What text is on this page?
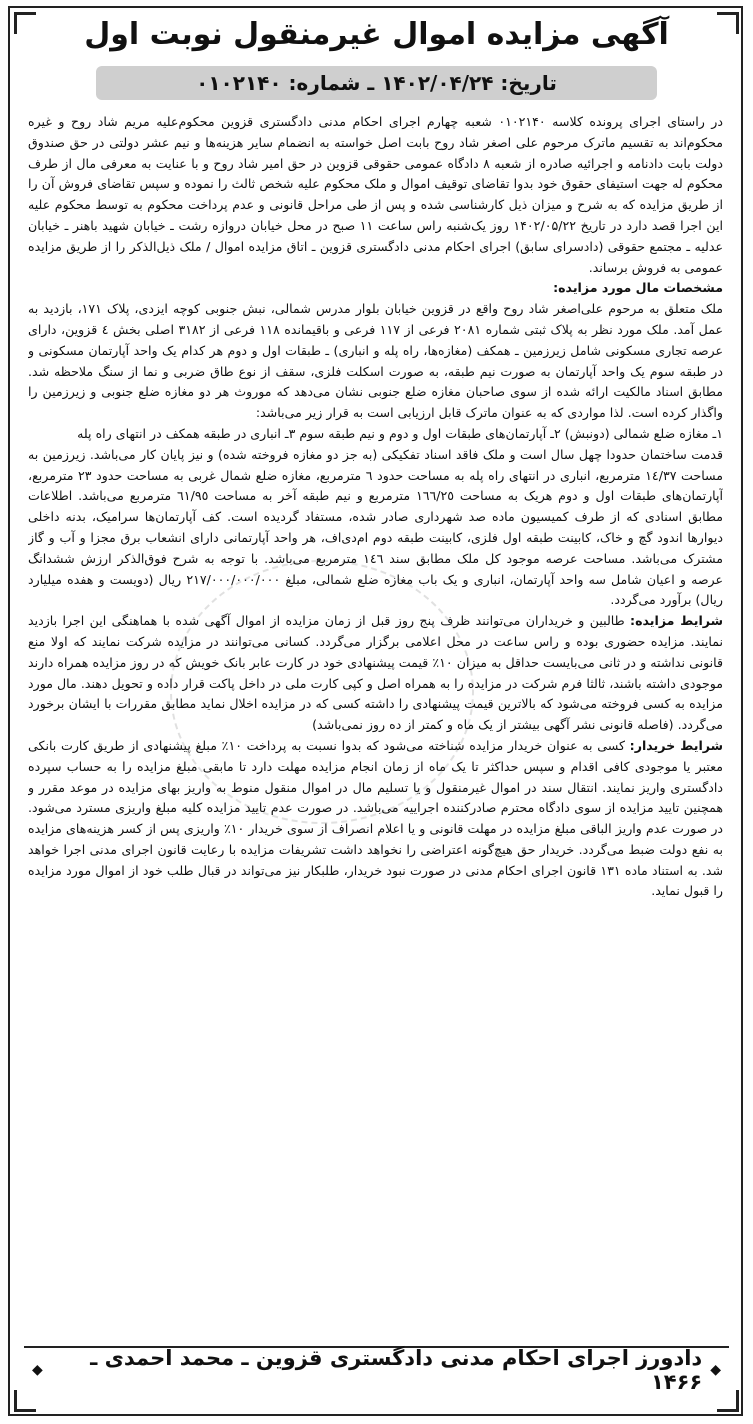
آگهی مزایده اموال غیرمنقول نوبت اول
تاریخ: ۱۴۰۲/۰۴/۲۴ ـ شماره: ۰۱۰۲۱۴۰

در راستای اجرای پرونده کلاسه ۰۱۰۲۱۴۰ شعبه چهارم اجرای احکام مدنی دادگستری قزوین محکوم‌علیه مریم شاد روح و غیره محکوم‌اند به تقسیم ماترک مرحوم علی اصغر شاد روح بابت اصل خواسته به انضمام سایر هزینه‌ها و نیم عشر دولتی در حق صندوق دولت بابت دادنامه و اجرائیه صادره از شعبه ۸ دادگاه عمومی حقوقی قزوین در حق امیر شاد روح و با عنایت به معرفی مال از طرف محکوم له جهت استیفای حقوق خود بدوا تقاضای توقیف اموال و ملک محکوم علیه شخص ثالث را نموده و سپس تقاضای فروش آن را از طریق مزایده که به شرح و میزان ذیل کارشناسی شده و پس از طی مراحل قانونی و عدم پرداخت محکوم به توسط محکوم علیه این اجرا قصد دارد در تاریخ ۱۴۰۲/۰۵/۲۲ روز یک‌شنبه راس ساعت ۱۱ صبح در محل خیابان دروازه رشت ـ خیابان شهید باهنر ـ خیابان عدلیه ـ مجتمع حقوقی (دادسرای سابق) اجرای احکام مدنی دادگستری قزوین ـ اتاق مزایده اموال / ملک ذیل‌الذکر را از طریق مزایده عمومی به فروش برساند.

مشخصات مال مورد مزایده:

ملک متعلق به مرحوم علی‌اصغر شاد روح واقع در قزوین خیابان بلوار مدرس شمالی، نبش جنوبی کوچه ایزدی، پلاک ۱۷۱، بازدید به عمل آمد. ملک مورد نظر به پلاک ثبتی شماره ۲۰۸۱ فرعی از ۱۱۷ فرعی و باقیمانده ۱۱۸ فرعی از ۳۱۸۲ اصلی بخش ٤ قزوین، دارای عرصه تجاری مسکونی شامل زیرزمین ـ همکف (مغازه‌ها، راه پله و انباری) ـ طبقات اول و دوم هر کدام یک واحد آپارتمان مسکونی و در طبقه سوم یک واحد آپارتمان به صورت نیم طبقه، به صورت اسکلت فلزی، سقف از نوع طاق ضربی و نما از سنگ ملاحظه شد. مطابق اسناد مالکیت ارائه شده از سوی صاحبان مغازه ضلع جنوبی نشان می‌دهد که موروث هر دو مغازه ضلع جنوبی و زیرزمین را واگذار کرده است. لذا مواردی که به عنوان ماترک قابل ارزیابی است به قرار زیر می‌باشد:

۱ـ مغازه ضلع شمالی (دونبش) ۲ـ آپارتمان‌های طبقات اول و دوم و نیم طبقه سوم ۳ـ انباری در طبقه همکف در انتهای راه پله

قدمت ساختمان حدودا چهل سال است و ملک فاقد اسناد تفکیکی (به جز دو مغازه فروخته شده) و نیز پایان کار می‌باشد. زیرزمین به مساحت ١٤/٣٧ مترمربع، انباری در انتهای راه پله به مساحت حدود ٦ مترمربع، مغازه ضلع شمال غربی به مساحت حدود ٢٣ مترمربع، آپارتمان‌های طبقات اول و دوم هریک به مساحت ١٦٦/٢٥ مترمربع و نیم طبقه آخر به مساحت ٦١/٩٥ مترمربع می‌باشد. اطلاعات مطابق اسنادی که از طرف کمیسیون ماده صد شهرداری صادر شده، مستفاد گردیده است. کف آپارتمان‌ها سرامیک، بدنه داخلی دیوارها اندود گچ و خاک، کابینت طبقه اول فلزی، کابینت طبقه دوم ام‌دی‌اف، هر واحد آپارتمانی دارای انشعاب برق مجزا و آب و گاز مشترک می‌باشد. مساحت عرصه موجود کل ملک مطابق سند ١٤٦ مترمربع می‌باشد. با توجه به شرح فوق‌الذکر ارزش ششدانگ عرصه و اعیان شامل سه واحد آپارتمان، انباری و یک باب مغازه ضلع شمالی، مبلغ ٢١٧/٠٠٠/٠٠٠/٠٠٠ ریال (دویست و هفده میلیارد ریال) برآورد می‌گردد.

شرایط مزایده: طالبین و خریداران می‌توانند ظرف پنج روز قبل از زمان مزایده از اموال آگهی شده با هماهنگی این اجرا بازدید نمایند. مزایده حضوری بوده و راس ساعت در محل اعلامی برگزار می‌گردد. کسانی می‌توانند در مزایده شرکت نمایند که اولا منع قانونی نداشته و در ثانی می‌بایست حداقل به میزان ١٠٪ قیمت پیشنهادی خود در کارت عابر بانک خویش که در روز مزایده همراه دارند موجودی داشته باشند، ثالثا فرم شرکت در مزایده را به همراه اصل و کپی کارت ملی در داخل پاکت قرار داده و تحویل دهند. مال مورد مزایده به کسی فروخته می‌شود که بالاترین قیمت پیشنهادی را داشته کسی که در مزایده اخلال نماید مطابق مقررات با ایشان برخورد می‌گردد. (فاصله قانونی نشر آگهی بیشتر از یک ماه و کمتر از ده روز نمی‌باشد)

شرایط خریدار: کسی به عنوان خریدار مزایده شناخته می‌شود که بدوا نسبت به پرداخت ١٠٪ مبلغ پیشنهادی از طریق کارت بانکی معتبر یا موجودی کافی اقدام و سپس حداکثر تا یک ماه از زمان انجام مزایده مهلت دارد تا مابقی مبلغ مزایده را به حساب سپرده دادگستری واریز نمایند. انتقال سند در اموال غیرمنقول و یا تسلیم مال در اموال منقول منوط به واریز بهای مزایده در موعد مقرر و همچنین تایید مزایده از سوی دادگاه محترم صادرکننده اجراییه می‌باشد. در صورت عدم تایید مزایده کلیه مبلغ واریزی مسترد می‌شود. در صورت عدم واریز الباقی مبلغ مزایده در مهلت قانونی و یا اعلام انصراف از سوی خریدار ١٠٪ واریزی پس از کسر هزینه‌های مزایده به نفع دولت ضبط می‌گردد. خریدار حق هیچ‌گونه اعتراضی را نخواهد داشت تشریفات مزایده با رعایت قانون اجرای مدنی اجرا خواهد شد. به استناد ماده ١٣١ قانون اجرای احکام مدنی در صورت نبود خریدار، طلبکار نیز می‌تواند در قبال طلب خود از اموال مورد مزایده را قبول نماید.

◆
دادورز اجرای احکام مدنی دادگستری قزوین ـ محمد احمدی ـ ۱۴۶۶
◆
